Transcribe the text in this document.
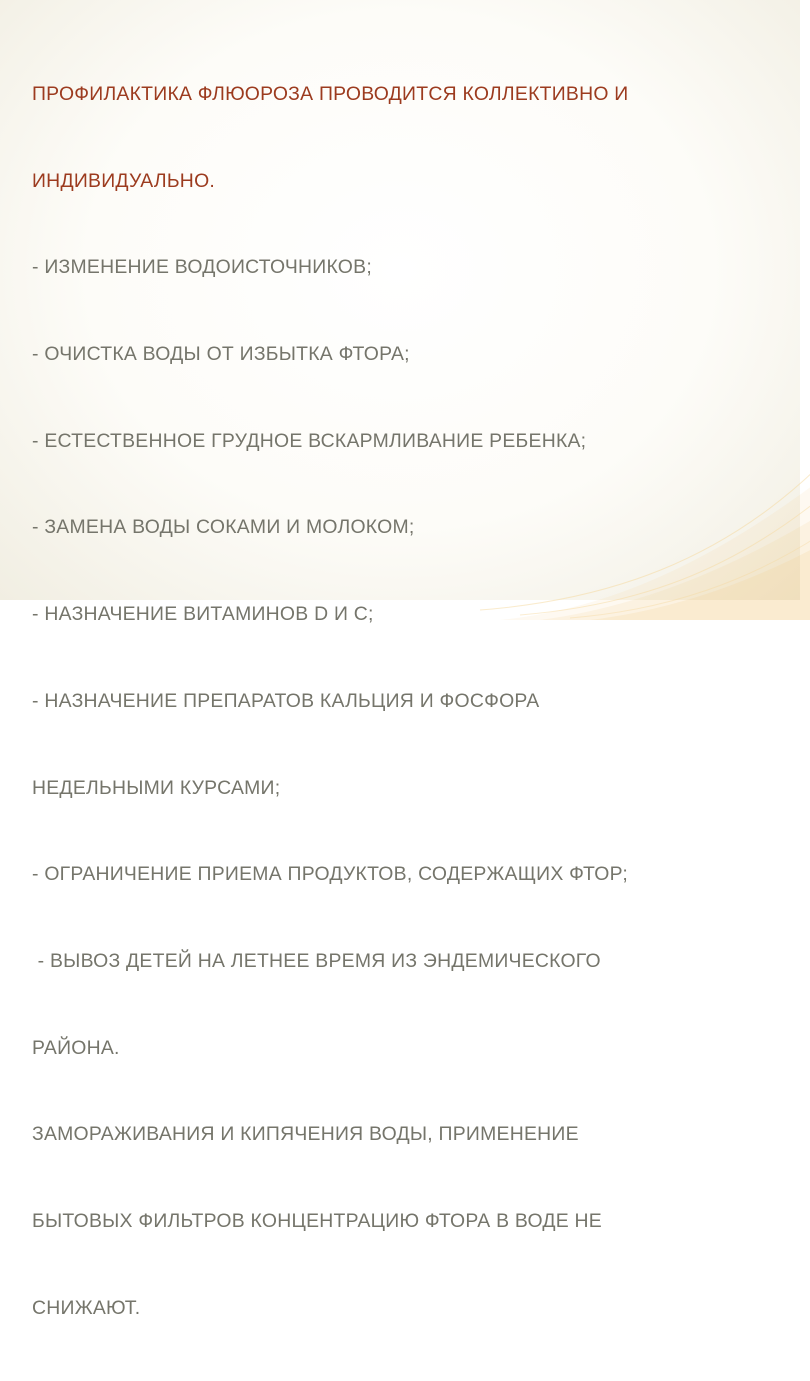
ПРОФИЛАКТИКА ФЛЮОРОЗА ПРОВОДИТСЯ КОЛЛЕКТИВНО И

ИНДИВИДУАЛЬНО.

- ИЗМЕНЕНИЕ ВОДОИСТОЧНИКОВ;

- ОЧИСТКА ВОДЫ ОТ ИЗБЫТКА ФТОРА;

- ЕСТЕСТВЕННОЕ ГРУДНОЕ ВСКАРМЛИВАНИЕ РЕБЕНКА;

- ЗАМЕНА ВОДЫ СОКАМИ И МОЛОКОМ;

- НАЗНАЧЕНИЕ ВИТАМИНОВ D И C;

- НАЗНАЧЕНИЕ ПРЕПАРАТОВ КАЛЬЦИЯ И ФОСФОРА

НЕДЕЛЬНЫМИ КУРСАМИ;

- ОГРАНИЧЕНИЕ ПРИЕМА ПРОДУКТОВ, СОДЕРЖАЩИХ ФТОР;

- ВЫВОЗ ДЕТЕЙ НА ЛЕТНЕЕ ВРЕМЯ ИЗ ЭНДЕМИЧЕСКОГО

РАЙОНА.

ЗАМОРАЖИВАНИЯ И КИПЯЧЕНИЯ ВОДЫ, ПРИМЕНЕНИЕ

БЫТОВЫХ ФИЛЬТРОВ КОНЦЕНТРАЦИЮ ФТОРА В ВОДЕ НЕ

СНИЖАЮТ.
